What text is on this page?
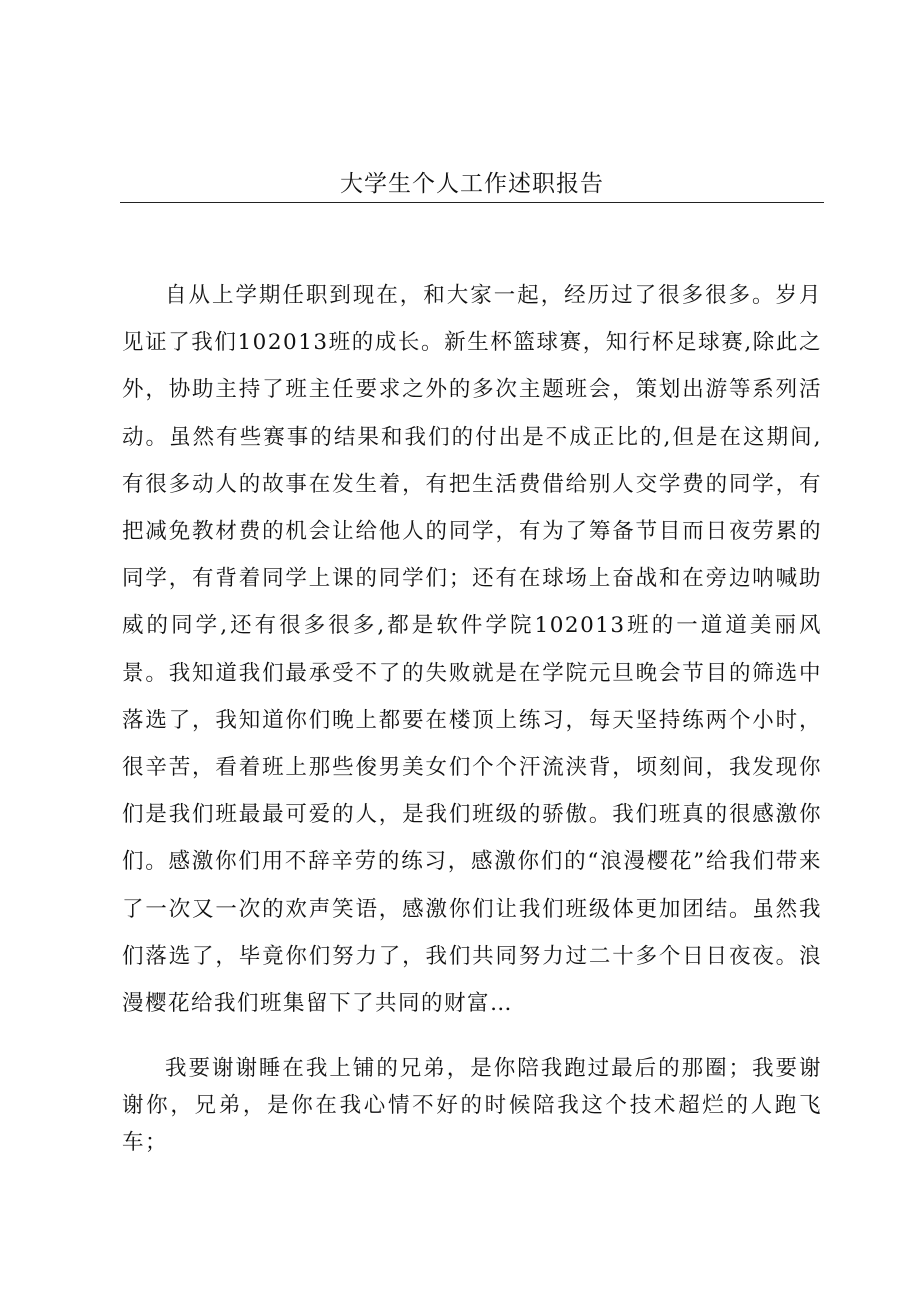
大学生个人工作述职报告

自从上学期任职到现在，和大家一起，经历过了很多很多。岁月见证了我们102013班的成长。新生杯篮球赛，知行杯足球赛,除此之外，协助主持了班主任要求之外的多次主题班会，策划出游等系列活动。虽然有些赛事的结果和我们的付出是不成正比的,但是在这期间,有很多动人的故事在发生着，有把生活费借给别人交学费的同学，有把减免教材费的机会让给他人的同学，有为了筹备节目而日夜劳累的同学，有背着同学上课的同学们；还有在球场上奋战和在旁边呐喊助威的同学,还有很多很多,都是软件学院102013班的一道道美丽风景。我知道我们最承受不了的失败就是在学院元旦晚会节目的筛选中落选了，我知道你们晚上都要在楼顶上练习，每天坚持练两个小时，很辛苦，看着班上那些俊男美女们个个汗流浃背，顷刻间，我发现你们是我们班最最可爱的人，是我们班级的骄傲。我们班真的很感激你们。感激你们用不辞辛劳的练习，感激你们的“浪漫樱花”给我们带来了一次又一次的欢声笑语，感激你们让我们班级体更加团结。虽然我们落选了，毕竟你们努力了，我们共同努力过二十多个日日夜夜。浪漫樱花给我们班集留下了共同的财富…

我要谢谢睡在我上铺的兄弟，是你陪我跑过最后的那圈；我要谢谢你，兄弟，是你在我心情不好的时候陪我这个技术超烂的人跑飞车；
